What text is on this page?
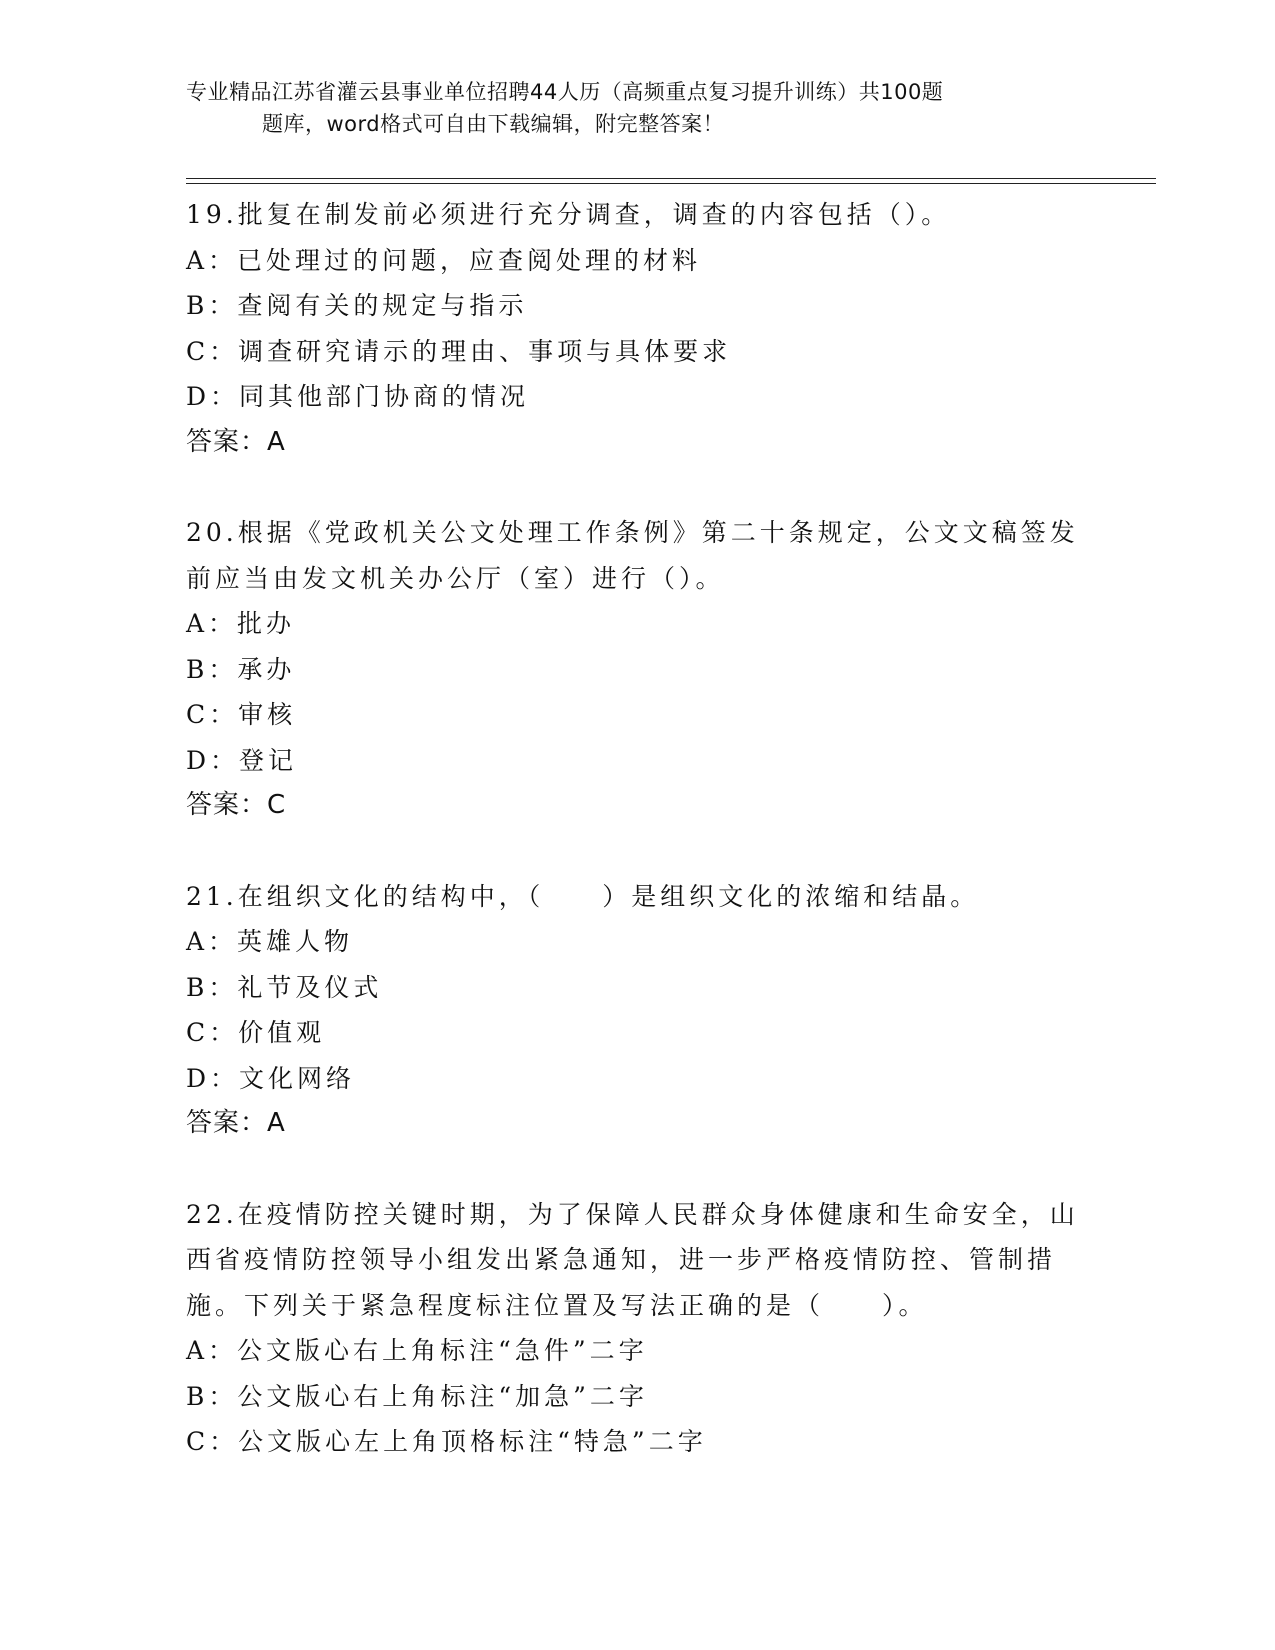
专业精品江苏省灌云县事业单位招聘44人历（高频重点复习提升训练）共100题
题库，word格式可自由下载编辑，附完整答案！
19.批复在制发前必须进行充分调查，调查的内容包括（）。
A：已处理过的问题，应查阅处理的材料
B：查阅有关的规定与指示
C：调查研究请示的理由、事项与具体要求
D：同其他部门协商的情况
答案：A
20.根据《党政机关公文处理工作条例》第二十条规定，公文文稿签发
前应当由发文机关办公厅（室）进行（）。
A：批办
B：承办
C：审核
D：登记
答案：C
21.在组织文化的结构中，（　　）是组织文化的浓缩和结晶。
A：英雄人物
B：礼节及仪式
C：价值观
D：文化网络
答案：A
22.在疫情防控关键时期，为了保障人民群众身体健康和生命安全，山
西省疫情防控领导小组发出紧急通知，进一步严格疫情防控、管制措
施。下列关于紧急程度标注位置及写法正确的是（　　）。
A：公文版心右上角标注“急件”二字
B：公文版心右上角标注“加急”二字
C：公文版心左上角顶格标注“特急”二字
